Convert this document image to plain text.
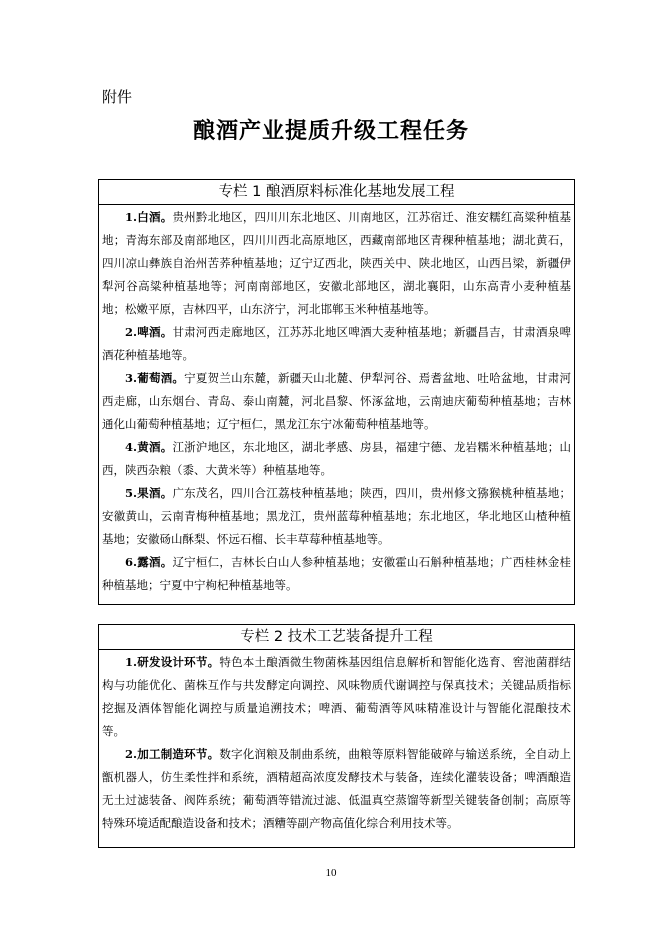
附件

酿酒产业提质升级工程任务
专栏 1 酿酒原料标准化基地发展工程

1.白酒。贵州黔北地区，四川川东北地区、川南地区，江苏宿迁、淮安糯红高粱种植基地；青海东部及南部地区，四川川西北高原地区，西藏南部地区青稞种植基地；湖北黄石，四川凉山彝族自治州苦荞种植基地；辽宁辽西北，陕西关中、陕北地区，山西吕梁，新疆伊犁河谷高粱种植基地等；河南南部地区，安徽北部地区，湖北襄阳，山东高青小麦种植基地；松嫩平原，吉林四平，山东济宁，河北邯郸玉米种植基地等。

2.啤酒。甘肃河西走廊地区，江苏苏北地区啤酒大麦种植基地；新疆昌吉，甘肃酒泉啤酒花种植基地等。

3.葡萄酒。宁夏贺兰山东麓，新疆天山北麓、伊犁河谷、焉耆盆地、吐哈盆地，甘肃河西走廊，山东烟台、青岛、泰山南麓，河北昌黎、怀涿盆地，云南迪庆葡萄种植基地；吉林通化山葡萄种植基地；辽宁桓仁，黑龙江东宁冰葡萄种植基地等。

4.黄酒。江浙沪地区，东北地区，湖北孝感、房县，福建宁德、龙岩糯米种植基地；山西，陕西杂粮（黍、大黄米等）种植基地等。

5.果酒。广东茂名，四川合江荔枝种植基地；陕西，四川，贵州修文猕猴桃种植基地；安徽黄山，云南青梅种植基地；黑龙江，贵州蓝莓种植基地；东北地区，华北地区山楂种植基地；安徽砀山酥梨、怀远石榴、长丰草莓种植基地等。

6.露酒。辽宁桓仁，吉林长白山人参种植基地；安徽霍山石斛种植基地；广西桂林金桂种植基地；宁夏中宁枸杞种植基地等。

专栏 2 技术工艺装备提升工程

1.研发设计环节。特色本土酿酒微生物菌株基因组信息解析和智能化选育、窖池菌群结构与功能优化、菌株互作与共发酵定向调控、风味物质代谢调控与保真技术；关键品质指标挖掘及酒体智能化调控与质量追溯技术；啤酒、葡萄酒等风味精准设计与智能化混酿技术等。

2.加工制造环节。数字化润粮及制曲系统，曲粮等原料智能破碎与输送系统，全自动上甑机器人，仿生柔性拌和系统，酒精超高浓度发酵技术与装备，连续化灌装设备；啤酒酿造无土过滤装备、阀阵系统；葡萄酒等错流过滤、低温真空蒸馏等新型关键装备创制；高原等特殊环境适配酿造设备和技术；酒糟等副产物高值化综合利用技术等。

10
